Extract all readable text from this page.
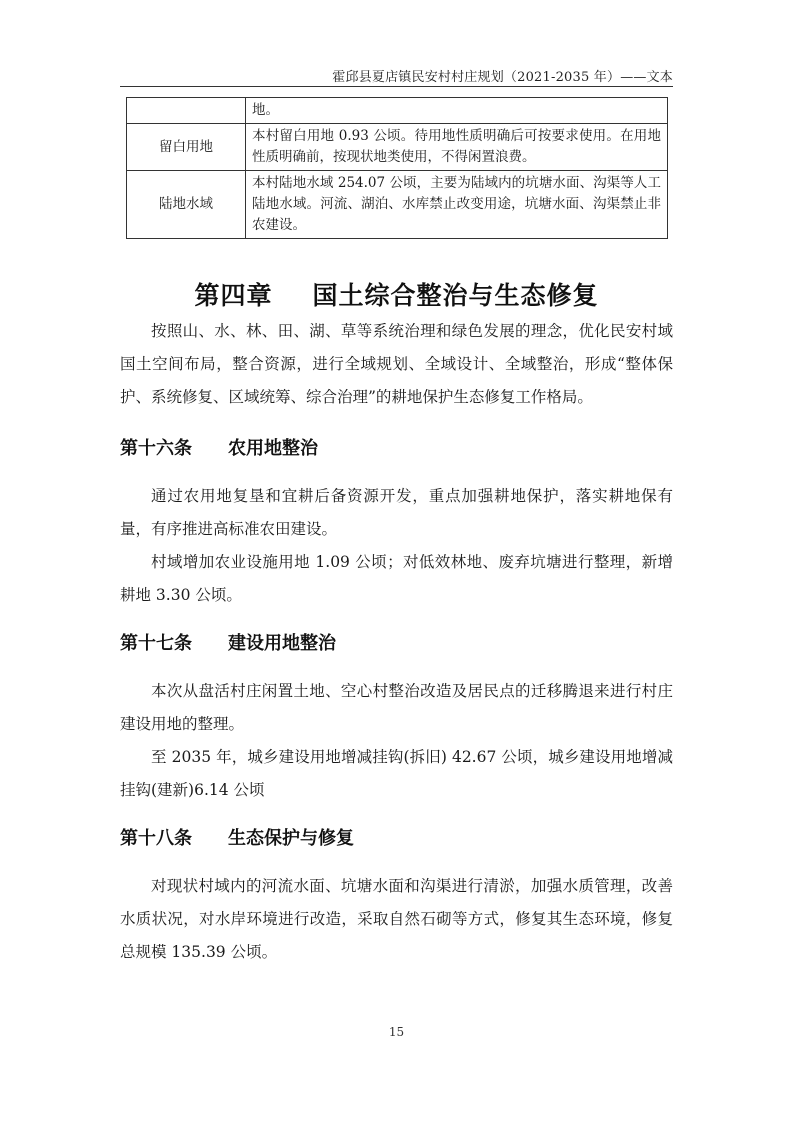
霍邱县夏店镇民安村村庄规划（2021-2035 年）——文本
	地。
留白用地	本村留白用地 0.93 公顷。待用地性质明确后可按要求使用。在用地性质明确前，按现状地类使用，不得闲置浪费。
陆地水域	本村陆地水域 254.07 公顷，主要为陆域内的坑塘水面、沟渠等人工陆地水域。河流、湖泊、水库禁止改变用途，坑塘水面、沟渠禁止非农建设。
第四章 国土综合整治与生态修复
按照山、水、林、田、湖、草等系统治理和绿色发展的理念，优化民安村域国土空间布局，整合资源，进行全域规划、全域设计、全域整治，形成“整体保护、系统修复、区域统筹、综合治理”的耕地保护生态修复工作格局。
第十六条 农用地整治
通过农用地复垦和宜耕后备资源开发，重点加强耕地保护，落实耕地保有量，有序推进高标准农田建设。
村域增加农业设施用地 1.09 公顷；对低效林地、废弃坑塘进行整理，新增耕地 3.30 公顷。
第十七条 建设用地整治
本次从盘活村庄闲置土地、空心村整治改造及居民点的迁移腾退来进行村庄建设用地的整理。
至 2035 年，城乡建设用地增减挂钩(拆旧) 42.67 公顷，城乡建设用地增减挂钩(建新)6.14 公顷
第十八条 生态保护与修复
对现状村域内的河流水面、坑塘水面和沟渠进行清淤，加强水质管理，改善水质状况，对水岸环境进行改造，采取自然石砌等方式，修复其生态环境，修复总规模 135.39 公顷。
15
